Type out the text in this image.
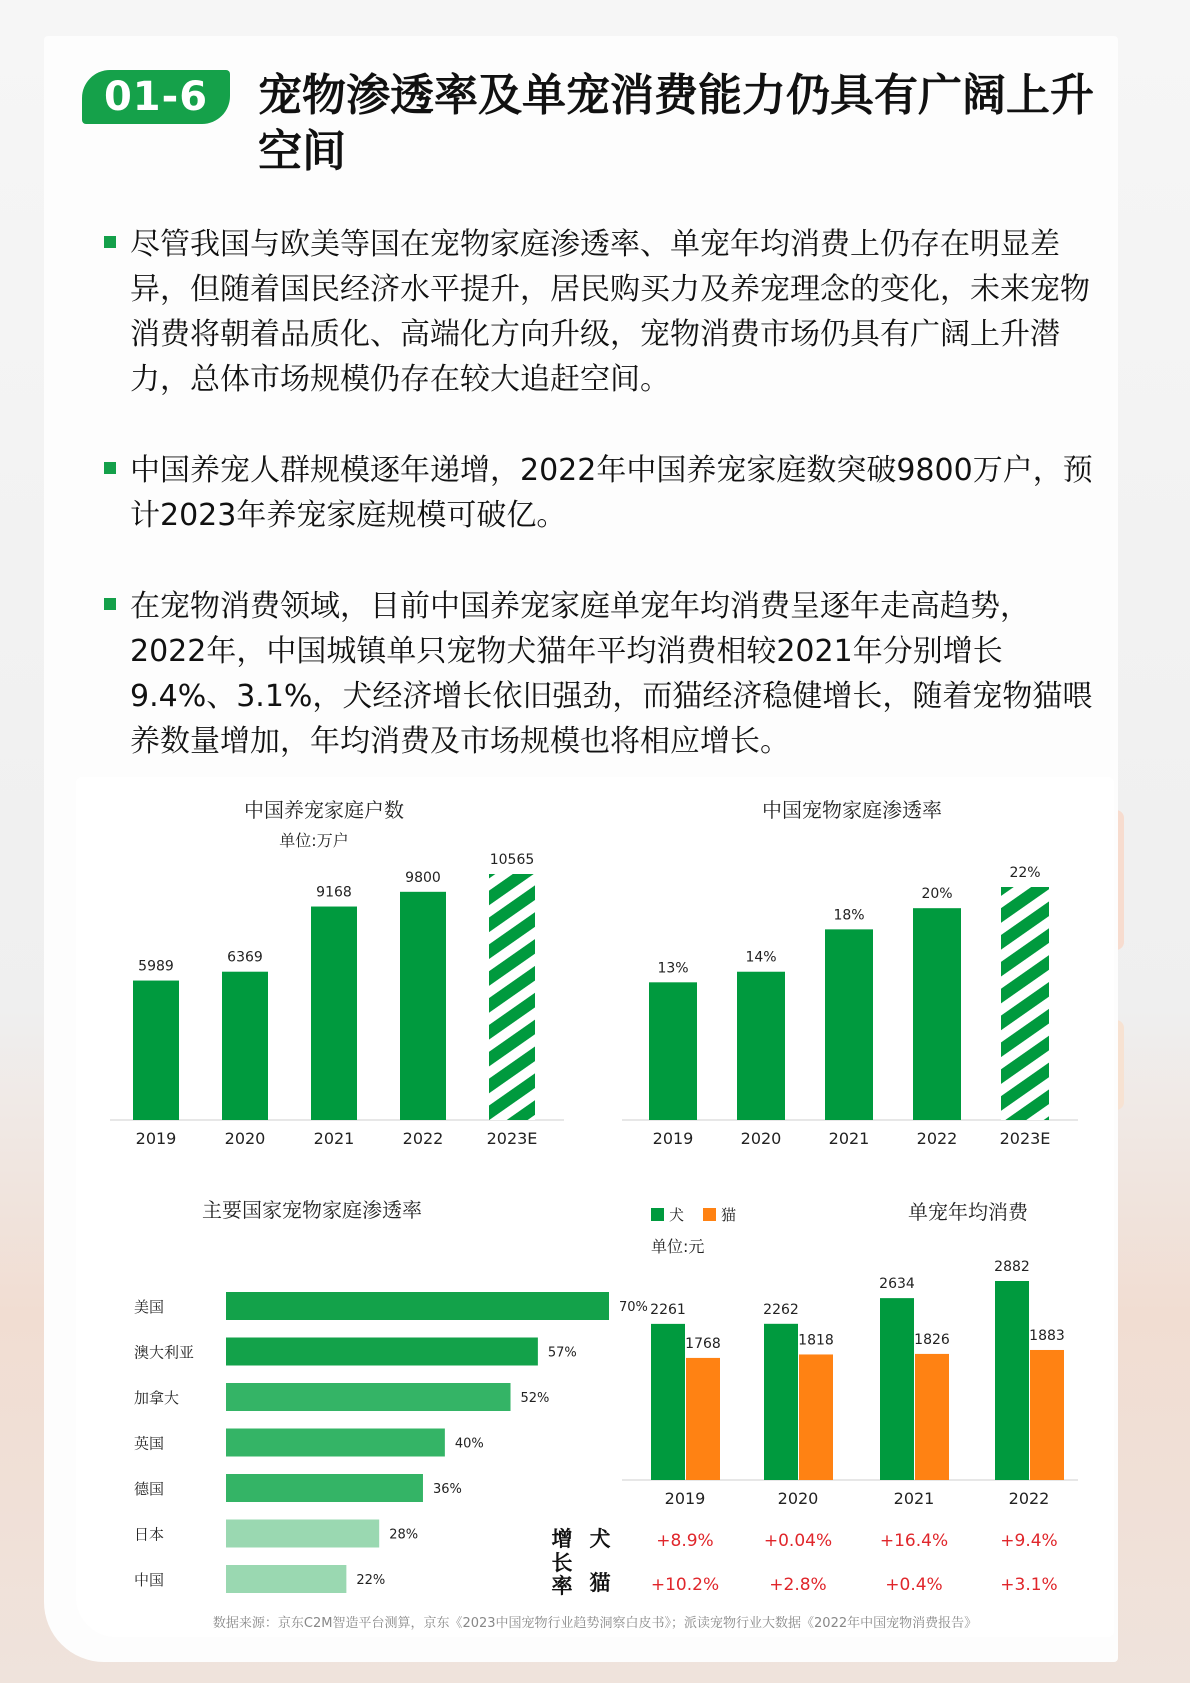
01-6	宠物渗透率及单宠消费能力仍具有广阔上升空间
尽管我国与欧美等国在宠物家庭渗透率、单宠年均消费上仍存在明显差异，但随着国民经济水平提升，居民购买力及养宠理念的变化，未来宠物消费将朝着品质化、高端化方向升级，宠物消费市场仍具有广阔上升潜力，总体市场规模仍存在较大追赶空间。
中国养宠人群规模逐年递增，2022年中国养宠家庭数突破9800万户，预计2023年养宠家庭规模可破亿。
在宠物消费领域，目前中国养宠家庭单宠年均消费呈逐年走高趋势，2022年，中国城镇单只宠物犬猫年平均消费相较2021年分别增长9.4%、3.1%，犬经济增长依旧强劲，而猫经济稳健增长，随着宠物猫喂养数量增加，年均消费及市场规模也将相应增长。
中国养宠家庭户数
单位:万户
5989
2019
6369
2020
9168
2021
9800
2022
10565
2023E
中国宠物家庭渗透率
13%
2019
14%
2020
18%
2021
20%
2022
22%
2023E
主要国家宠物家庭渗透率
美国	70%
澳大利亚	57%
加拿大	52%
英国	40%
德国	36%
日本	28%
中国	22%
单宠年均消费
犬 猫
单位:元
2261
1768
2019
2262
1818
2020
2634
1826
2021
2882
1883
2022
增
长
率
犬	+8.9%	+0.04%	+16.4%	+9.4%
猫 +10.2%	+2.8%	+0.4%	+3.1%
数据来源：京东C2M智造平台测算，京东《2023中国宠物行业趋势洞察白皮书》；派读宠物行业大数据《2022年中国宠物消费报告》
